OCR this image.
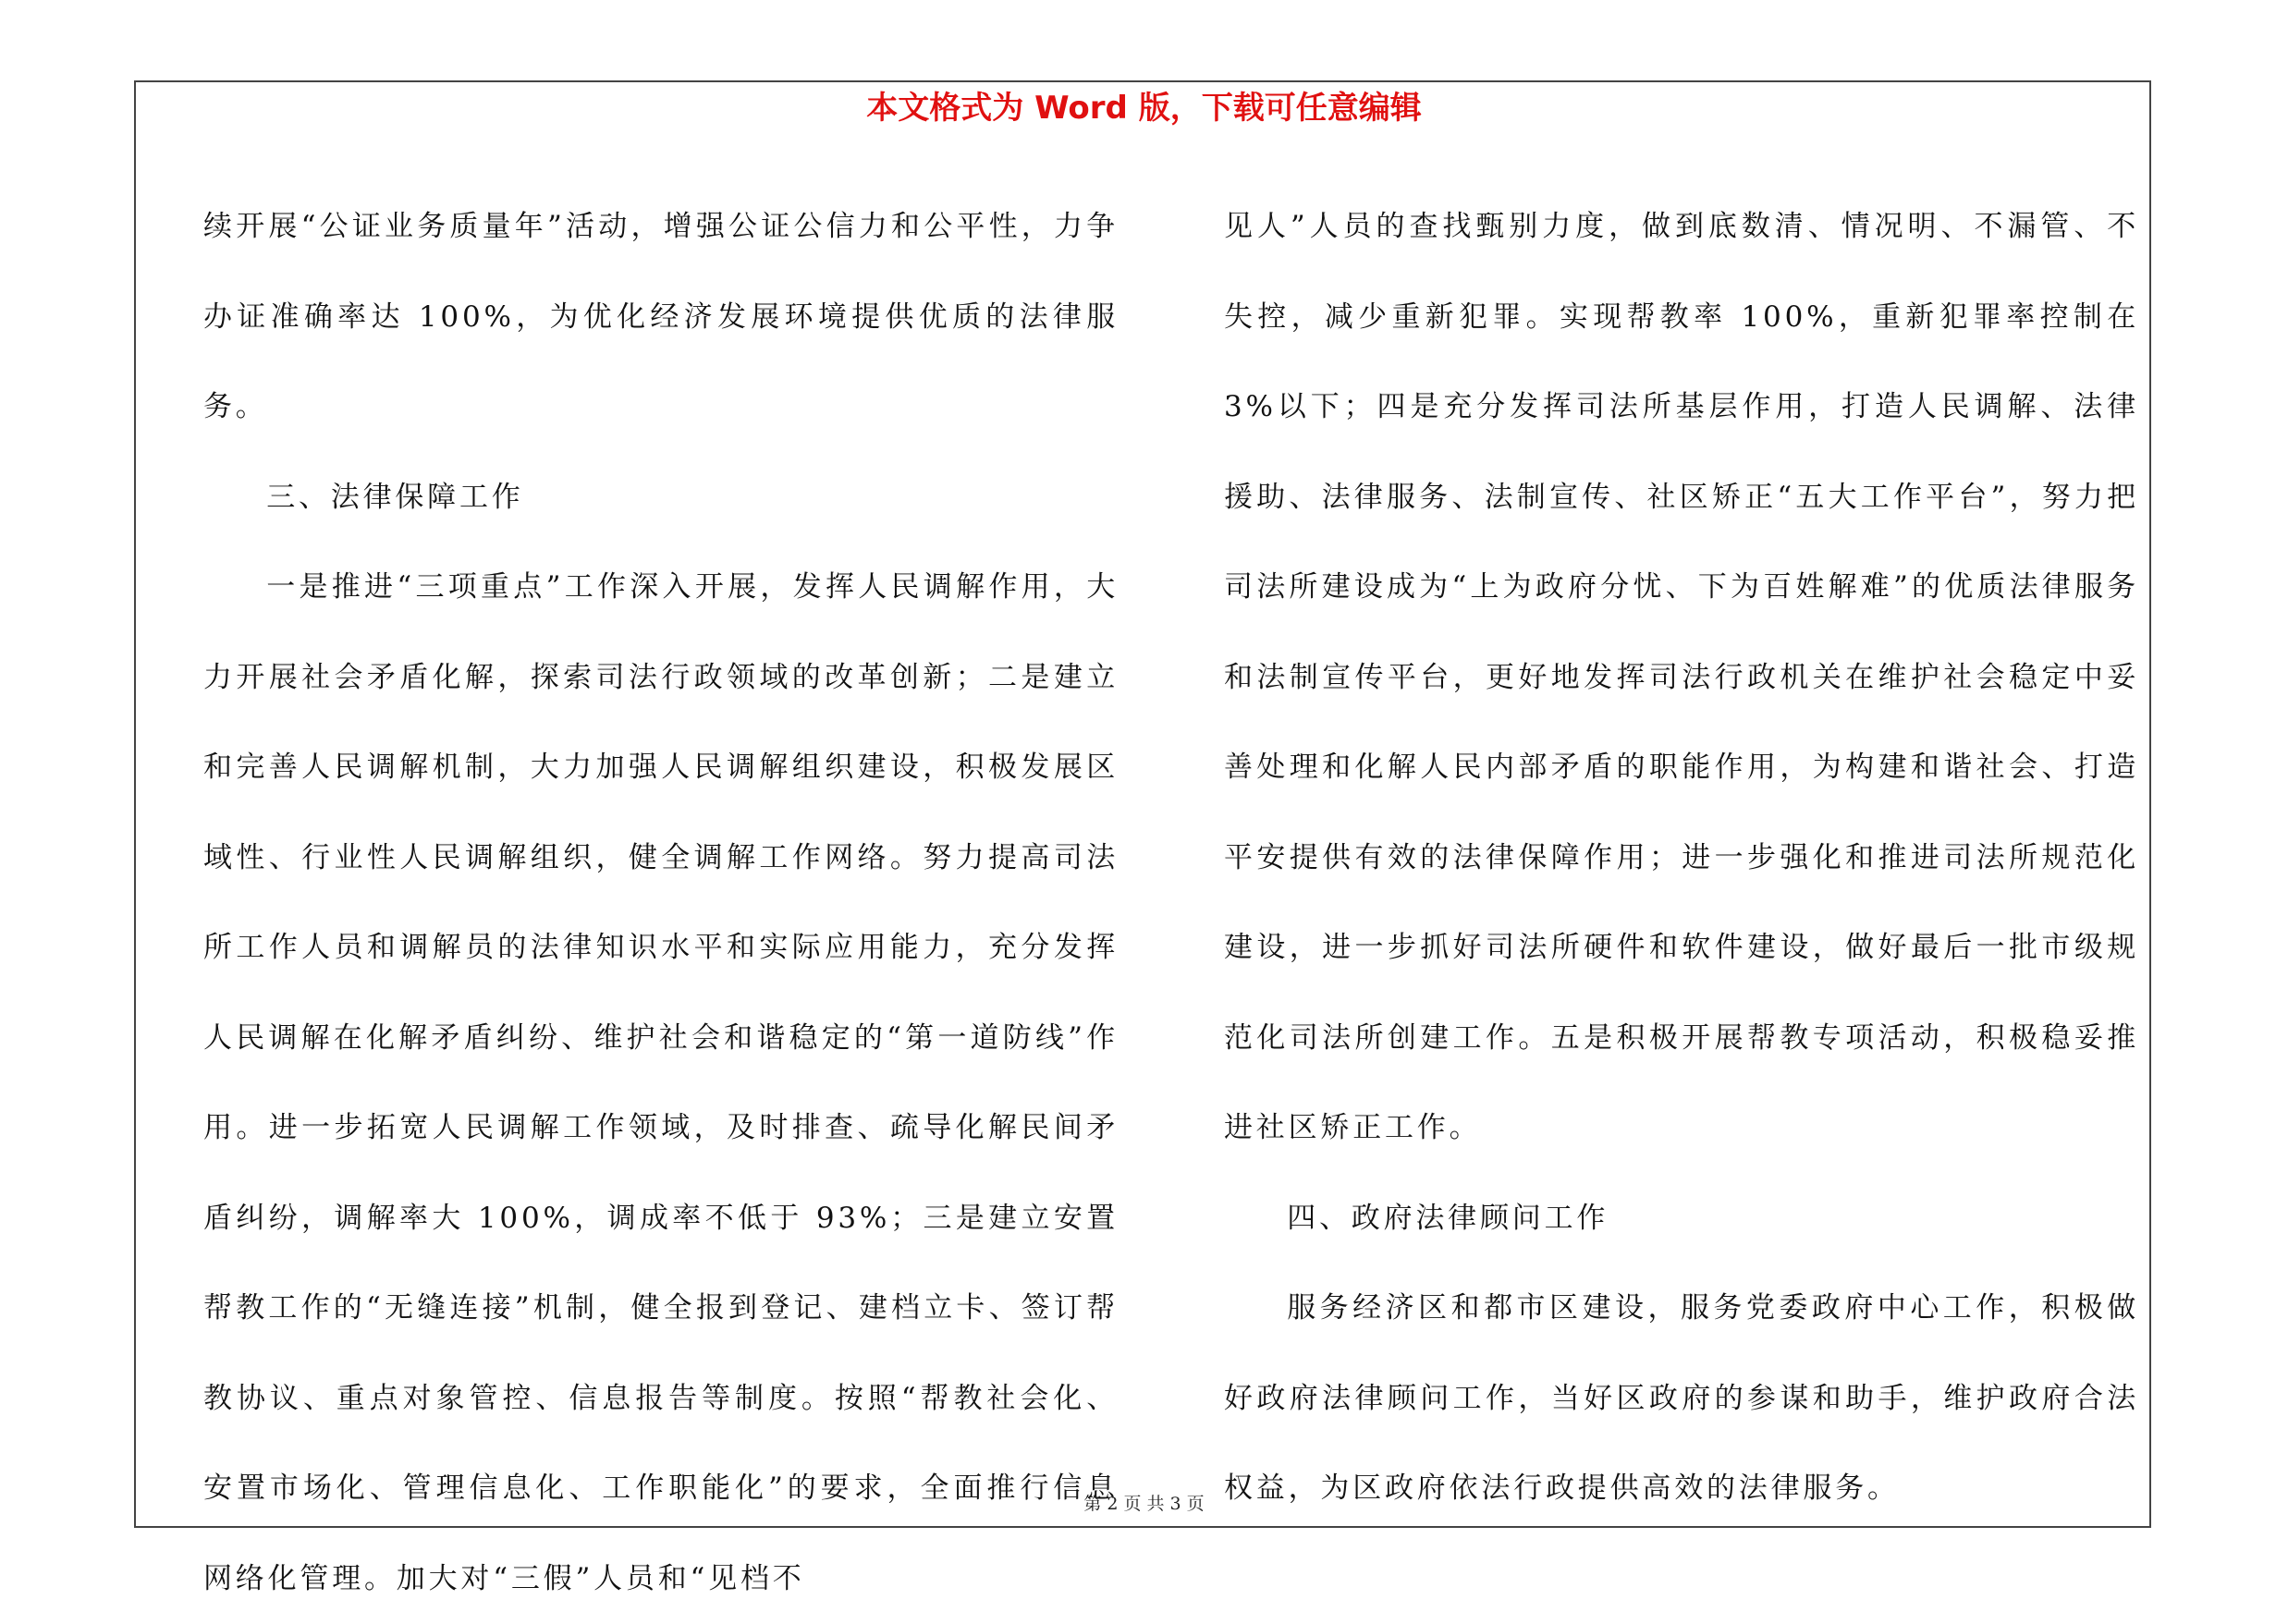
本文格式为 Word 版，下载可任意编辑

续开展“公证业务质量年”活动，增强公证公信力和公平性，力争办证准确率达 100%，为优化经济发展环境提供优质的法律服务。

三、法律保障工作

一是推进“三项重点”工作深入开展，发挥人民调解作用，大力开展社会矛盾化解，探索司法行政领域的改革创新；二是建立和完善人民调解机制，大力加强人民调解组织建设，积极发展区域性、行业性人民调解组织，健全调解工作网络。努力提高司法所工作人员和调解员的法律知识水平和实际应用能力，充分发挥人民调解在化解矛盾纠纷、维护社会和谐稳定的“第一道防线”作用。进一步拓宽人民调解工作领域，及时排查、疏导化解民间矛盾纠纷，调解率大 100%，调成率不低于 93%；三是建立安置帮教工作的“无缝连接”机制，健全报到登记、建档立卡、签订帮教协议、重点对象管控、信息报告等制度。按照“帮教社会化、安置市场化、管理信息化、工作职能化”的要求，全面推行信息网络化管理。加大对“三假”人员和“见档不

见人”人员的查找甄别力度，做到底数清、情况明、不漏管、不失控，减少重新犯罪。实现帮教率 100%，重新犯罪率控制在 3%以下；四是充分发挥司法所基层作用，打造人民调解、法律援助、法律服务、法制宣传、社区矫正“五大工作平台”，努力把司法所建设成为“上为政府分忧、下为百姓解难”的优质法律服务和法制宣传平台，更好地发挥司法行政机关在维护社会稳定中妥善处理和化解人民内部矛盾的职能作用，为构建和谐社会、打造平安提供有效的法律保障作用；进一步强化和推进司法所规范化建设，进一步抓好司法所硬件和软件建设，做好最后一批市级规范化司法所创建工作。五是积极开展帮教专项活动，积极稳妥推进社区矫正工作。

四、政府法律顾问工作

服务经济区和都市区建设，服务党委政府中心工作，积极做好政府法律顾问工作，当好区政府的参谋和助手，维护政府合法权益，为区政府依法行政提供高效的法律服务。

第 2 页 共 3 页
